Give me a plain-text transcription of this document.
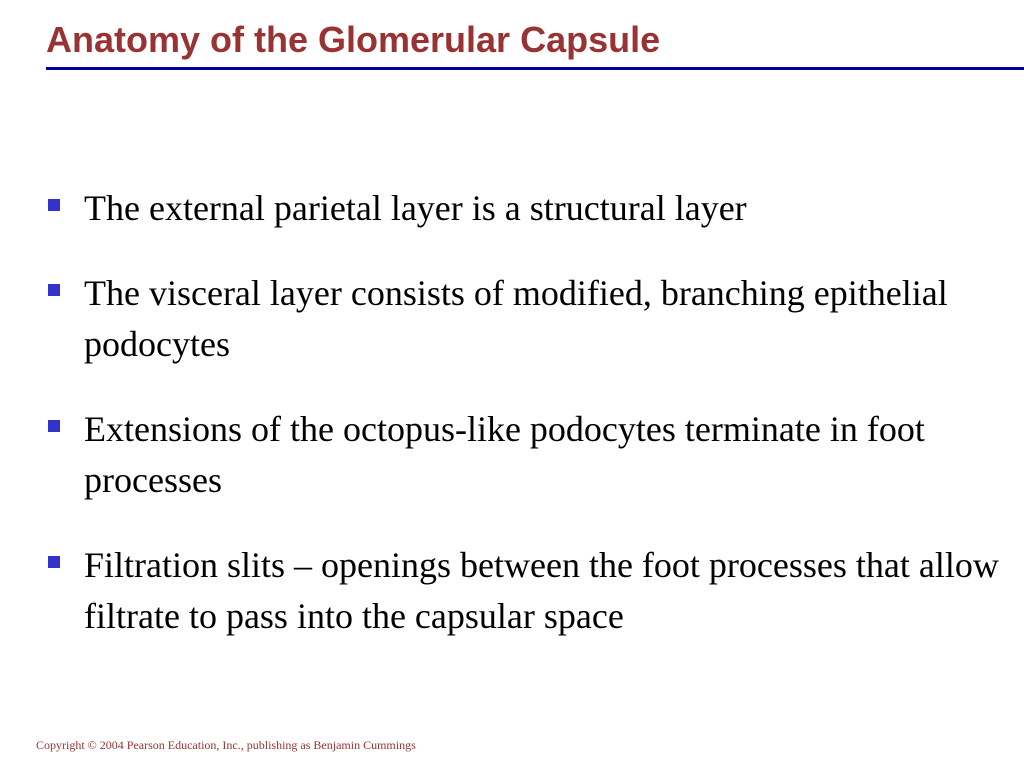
Anatomy of the Glomerular Capsule
The external parietal layer is a structural layer
The visceral layer consists of modified, branching epithelial podocytes
Extensions of the octopus-like podocytes terminate in foot processes
Filtration slits – openings between the foot processes that allow filtrate to pass into the capsular space

Copyright © 2004 Pearson Education, Inc., publishing as Benjamin Cummings
